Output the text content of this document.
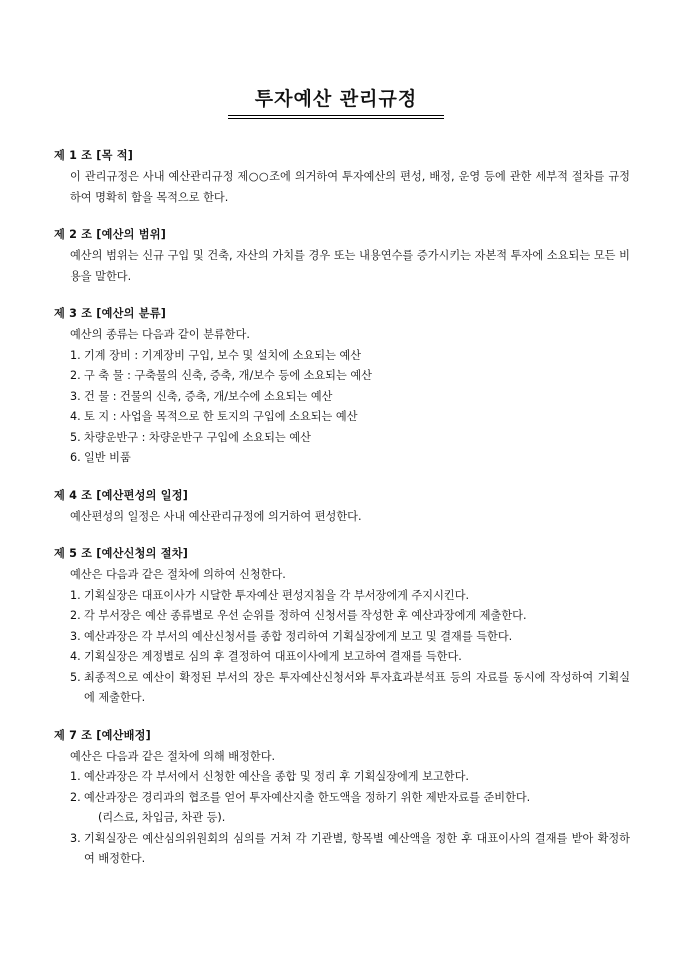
투자예산 관리규정
제 1 조 [목 적]

이 관리규정은 사내 예산관리규정 제○○조에 의거하여 투자예산의 편성, 배정, 운영 등에 관한 세부적 절차를 규정하여 명확히 함을 목적으로 한다.

제 2 조 [예산의 범위]

예산의 범위는 신규 구입 및 건축, 자산의 가치를 경우 또는 내용연수를 증가시키는 자본적 투자에 소요되는 모든 비용을 말한다.

제 3 조 [예산의 분류]

예산의 종류는 다음과 같이 분류한다.

1. 기계 장비 : 기계장비 구입, 보수 및 설치에 소요되는 예산
2. 구 축 물 : 구축물의 신축, 증축, 개/보수 등에 소요되는 예산
3. 건 물 : 건물의 신축, 증축, 개/보수에 소요되는 예산
4. 토 지 : 사업을 목적으로 한 토지의 구입에 소요되는 예산
5. 차량운반구 : 차량운반구 구입에 소요되는 예산
6. 일반 비품
제 4 조 [예산편성의 일정]

예산편성의 일정은 사내 예산관리규정에 의거하여 편성한다.

제 5 조 [예산신청의 절차]

예산은 다음과 같은 절차에 의하여 신청한다.

1. 기획실장은 대표이사가 시달한 투자예산 편성지침을 각 부서장에게 주지시킨다.
2. 각 부서장은 예산 종류별로 우선 순위를 정하여 신청서를 작성한 후 예산과장에게 제출한다.
3. 예산과장은 각 부서의 예산신청서를 종합 정리하여 기획실장에게 보고 및 결재를 득한다.
4. 기획실장은 계정별로 심의 후 결정하여 대표이사에게 보고하여 결재를 득한다.
5. 최종적으로 예산이 확정된 부서의 장은 투자예산신청서와 투자효과분석표 등의 자료를 동시에 작성하여 기획실에 제출한다.
제 7 조 [예산배정]

예산은 다음과 같은 절차에 의해 배정한다.

1. 예산과장은 각 부서에서 신청한 예산을 종합 및 정리 후 기획실장에게 보고한다.
2. 예산과장은 경리과의 협조를 얻어 투자예산지출 한도액을 정하기 위한 제반자료를 준비한다.
(리스료, 차입금, 차관 등).
3. 기획실장은 예산심의위원회의 심의를 거쳐 각 기관별, 항목별 예산액을 정한 후 대표이사의 결재를 받아 확정하여 배정한다.
